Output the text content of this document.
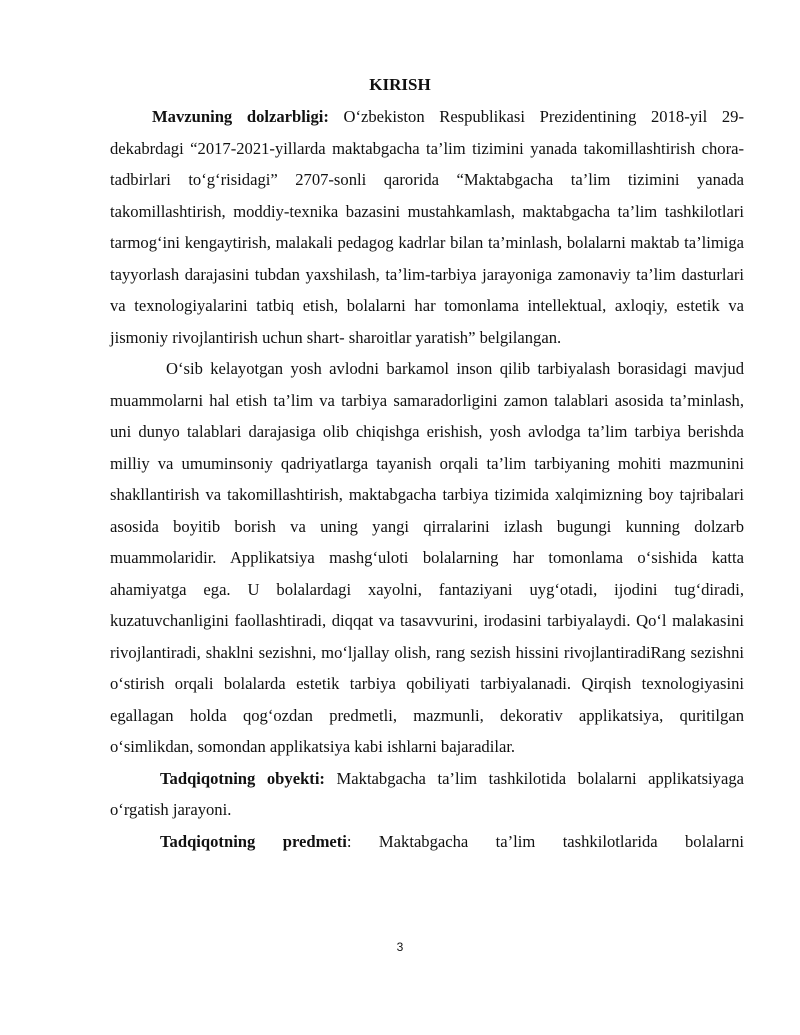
KIRISH

Mavzuning dolzarbligi: O‘zbekiston Respublikasi Prezidentining 2018-yil 29-dekabrdagi “2017-2021-yillarda maktabgacha ta’lim tizimini yanada takomillashtirish chora-tadbirlari to‘g‘risidagi” 2707-sonli qarorida “Maktabgacha ta’lim tizimini yanada takomillashtirish, moddiy-texnika bazasini mustahkamlash, maktabgacha ta’lim tashkilotlari tarmog‘ini kengaytirish, malakali pedagog kadrlar bilan ta’minlash, bolalarni maktab ta’limiga tayyorlash darajasini tubdan yaxshilash, ta’lim-tarbiya jarayoniga zamonaviy ta’lim dasturlari va texnologiyalarini tatbiq etish, bolalarni har tomonlama intellektual, axloqiy, estetik va jismoniy rivojlantirish uchun shart- sharoitlar yaratish” belgilangan.

O‘sib kelayotgan yosh avlodni barkamol inson qilib tarbiyalash borasidagi mavjud muammolarni hal etish ta’lim va tarbiya samaradorligini zamon talablari asosida ta’minlash, uni dunyo talablari darajasiga olib chiqishga erishish, yosh avlodga ta’lim tarbiya berishda milliy va umuminsoniy qadriyatlarga tayanish orqali ta’lim tarbiyaning mohiti mazmunini shakllantirish va takomillashtirish, maktabgacha tarbiya tizimida xalqimizning boy tajribalari asosida boyitib borish va uning yangi qirralarini izlash bugungi kunning dolzarb muammolaridir. Applikatsiya mashg‘uloti bolalarning har tomonlama o‘sishida katta ahamiyatga ega. U bolalardagi xayolni, fantaziyani uyg‘otadi, ijodini tug‘diradi, kuzatuvchanligini faollashtiradi, diqqat va tasavvurini, irodasini tarbiyalaydi. Qo‘l malakasini rivojlantiradi, shaklni sezishni, mo‘ljallay olish, rang sezish hissini rivojlantiradiRang sezishni o‘stirish orqali bolalarda estetik tarbiya qobiliyati tarbiyalanadi. Qirqish texnologiyasini egallagan holda qog‘ozdan predmetli, mazmunli, dekorativ applikatsiya, quritilgan o‘simlikdan, somondan applikatsiya kabi ishlarni bajaradilar.

Tadqiqotning obyekti: Maktabgacha ta’lim tashkilotida bolalarni applikatsiyaga o‘rgatish jarayoni.

Tadqiqotning predmeti: Maktabgacha ta’lim tashkilotlarida bolalarni

3
